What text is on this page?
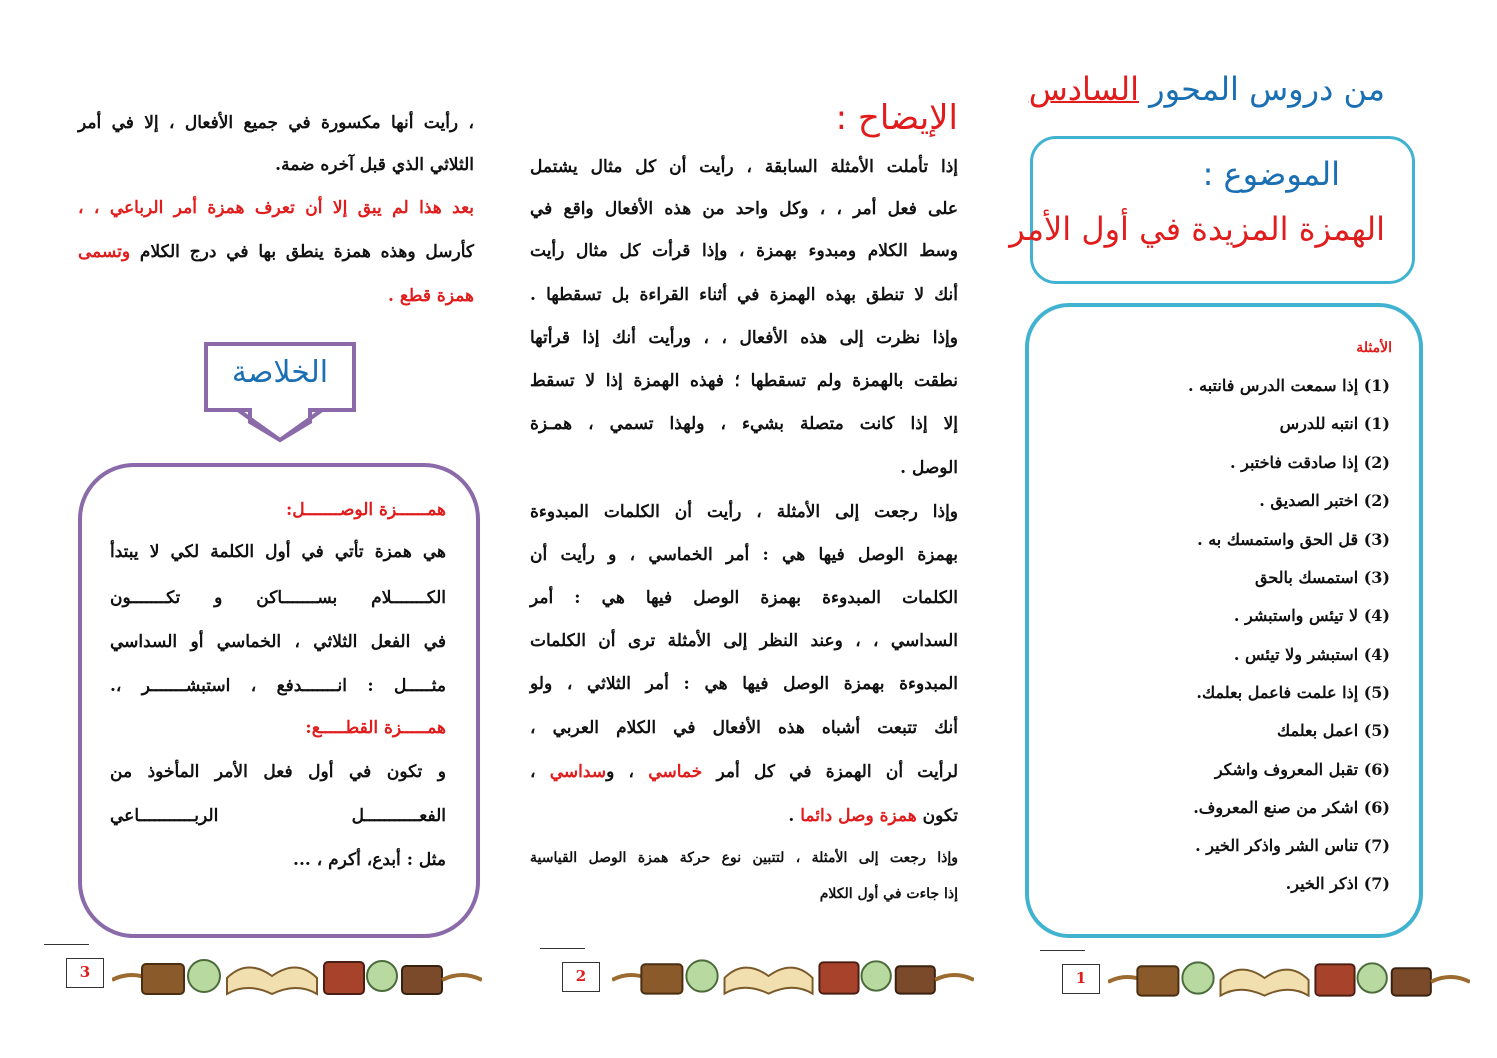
من دروس المحور السادس
الموضوع :
الهمزة المزيدة في أول الأمر
الأمثلة
(1) إذا سمعت الدرس فانتبه .
(1) انتبه للدرس
(2) إذا صادقت فاختبر .
(2) اختبر الصديق .
(3) قل الحق واستمسك به .
(3) استمسك بالحق
(4) لا تيئس واستبشر .
(4) استبشر ولا تيئس .
(5) إذا علمت فاعمل بعلمك.
(5) اعمل بعلمك
(6) تقبل المعروف واشكر
(6) اشكر من صنع المعروف.
(7) تناس الشر واذكر الخير .
(7) اذكر الخير.
الإيضاح :
إذا تأملت الأمثلة السابقة ، رأيت أن كل مثال يشتمل
على فعل أمر ، ، وكل واحد من هذه الأفعال واقع في
وسط الكلام ومبدوء بهمزة ، وإذا قرأت كل مثال رأيت
أنك لا تنطق بهذه الهمزة في أثناء القراءة بل تسقطها .
وإذا نظرت إلى هذه الأفعال ، ، ورأيت أنك إذا قرأتها
نطقت بالهمزة ولم تسقطها ؛ فهذه الهمزة إذا لا تسقط
إلا إذا كانت متصلة بشيء ، ولهذا تسمي ، همـزة
الوصل .
وإذا رجعت إلى الأمثلة ، رأيت أن الكلمات المبدوءة
بهمزة الوصل فيها هي : أمر الخماسي ، و رأيت أن
الكلمات المبدوءة بهمزة الوصل فيها هي : أمر
السداسي ، ، وعند النظر إلى الأمثلة ترى أن الكلمات
المبدوءة بهمزة الوصل فيها هي : أمر الثلاثي ، ولو
أنك تتبعت أشباه هذه الأفعال في الكلام العربي ،
لرأيت أن الهمزة في كل أمر خماسي ، وسداسي ،
تكون همزة وصل دائما .
وإذا رجعت إلى الأمثلة ، لتتبين نوع حركة همزة الوصل القياسية
إذا جاءت في أول الكلام
، رأيت أنها مكسورة في جميع الأفعال ، إلا في أمر
الثلاثي الذي قبل آخره ضمة.
بعد هذا لم يبق إلا أن تعرف همزة أمر الرباعي ، ،
كأرسل وهذه همزة ينطق بها في درج الكلام وتسمى
همزة قطع .
الخلاصة
همــــــزة الوصـــــــل:
هي همزة تأتي في أول الكلمة لكي لا يبتدأ
الكـــــــلام بســـــــاكن و تكـــــــون
في الفعل الثلاثي ، الخماسي أو السداسي
مثـــــل : انـــــــدفع ، استبشـــــــر ،.
همـــــزة القطـــــع:
و تكون في أول فعل الأمر المأخوذ من
الفعـــــــــــل الربـــــــــــاعي
مثل : أبدع، أكرم ، ...
3	2	1
